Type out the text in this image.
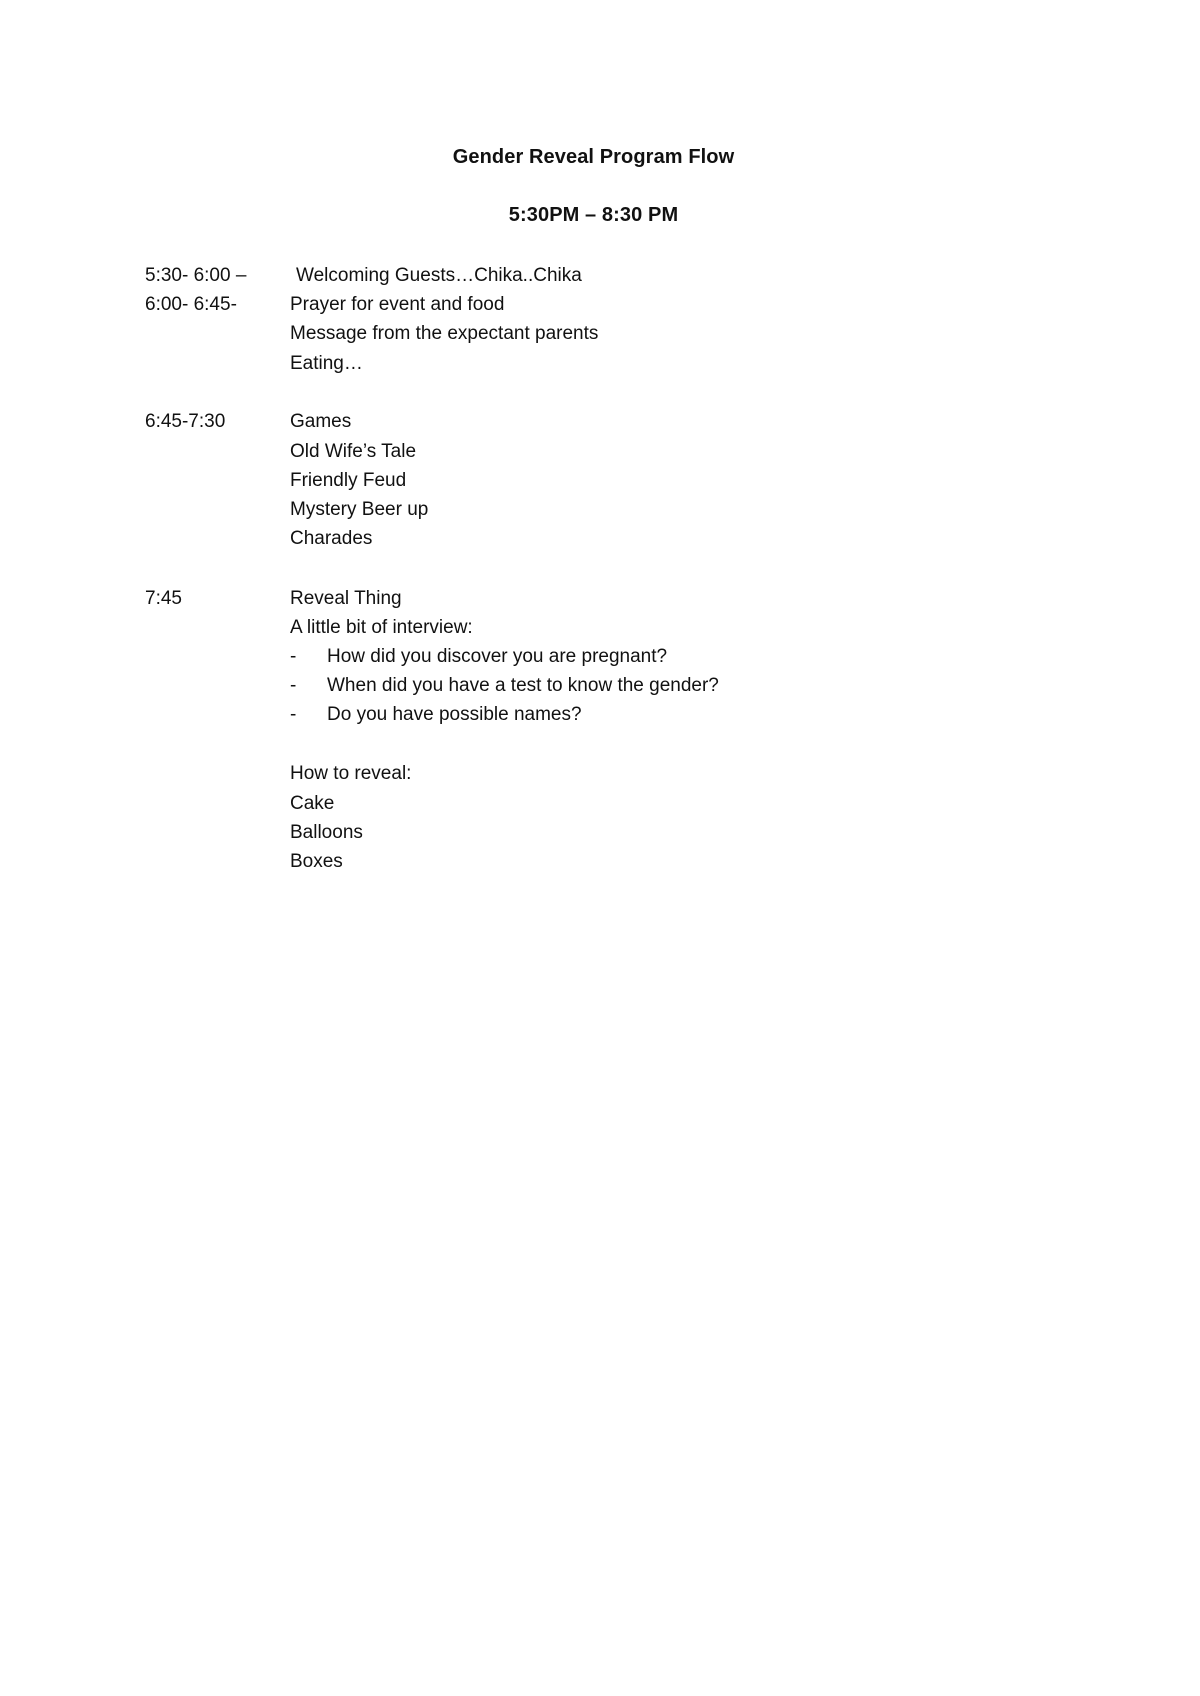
Gender Reveal Program Flow
5:30PM – 8:30 PM
5:30- 6:00 –	Welcoming Guests…Chika..Chika
6:00- 6:45-	Prayer for event and food
Message from the expectant parents
Eating…
6:45-7:30	Games
Old Wife’s Tale
Friendly Feud
Mystery Beer up
Charades
7:45	Reveal Thing
A little bit of interview:
- How did you discover you are pregnant?
- When did you have a test to know the gender?
- Do you have possible names?
How to reveal:
Cake
Balloons
Boxes
